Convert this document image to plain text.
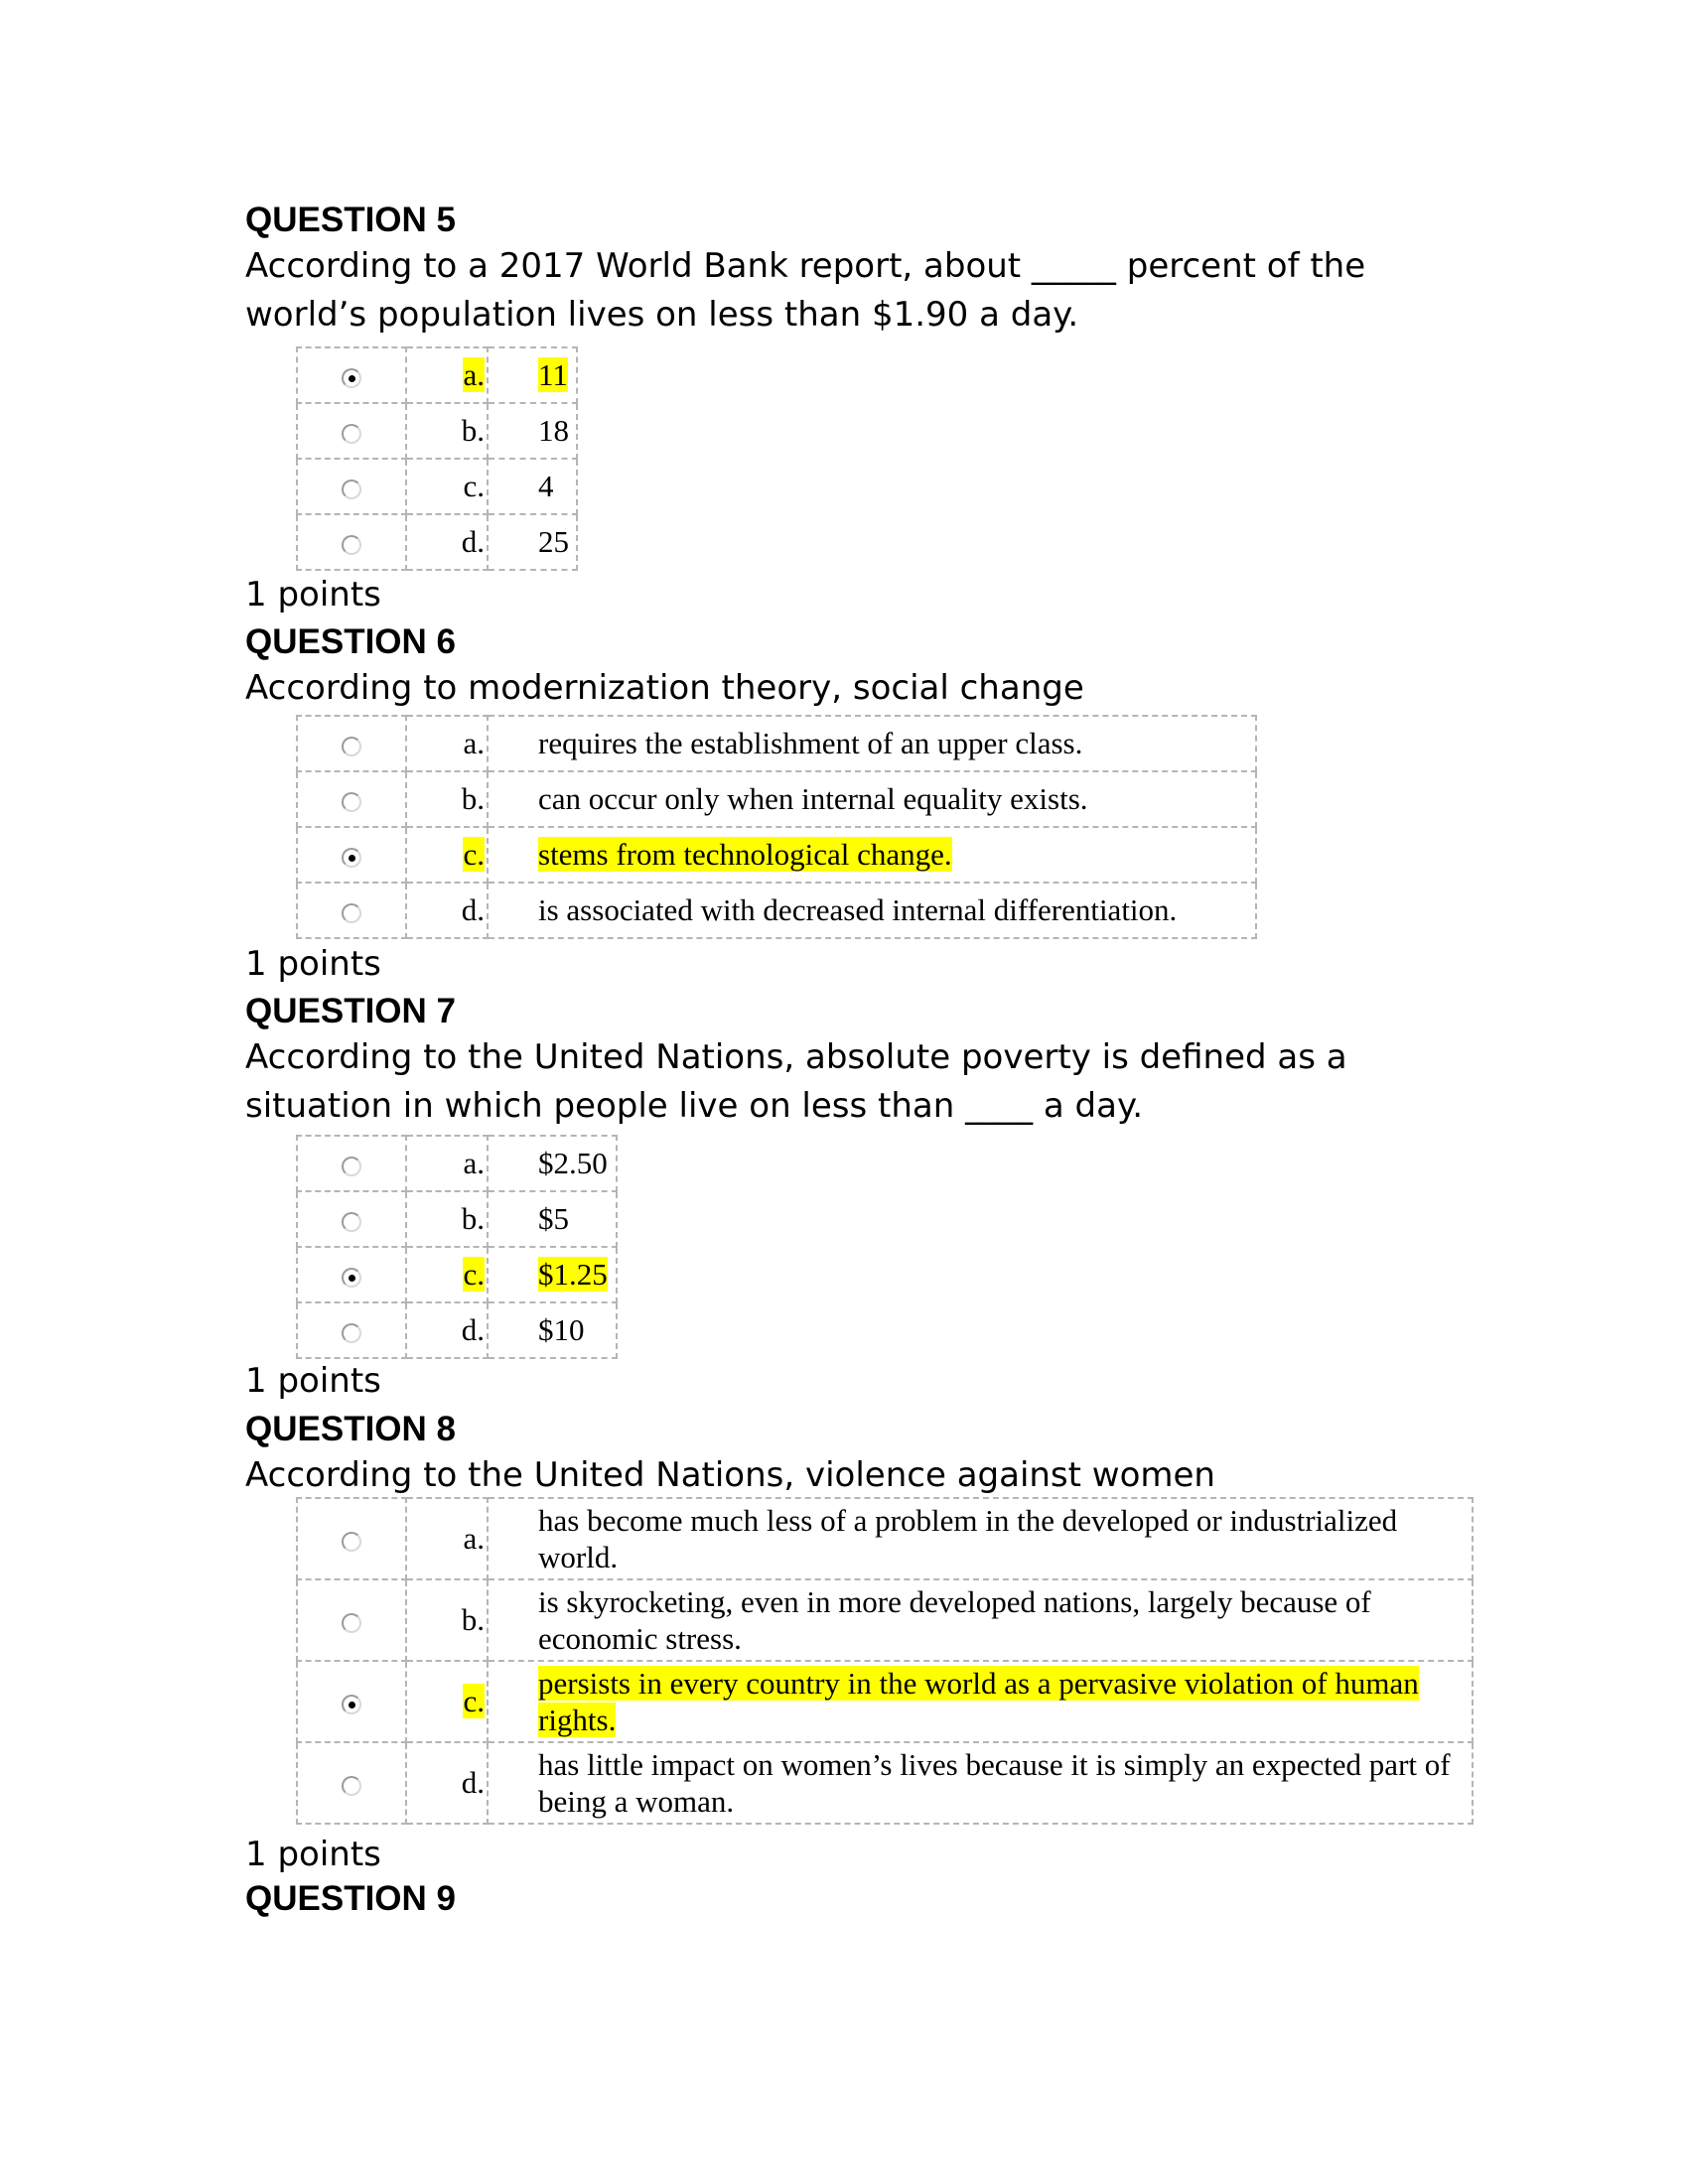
QUESTION 5

According to a 2017 World Bank report, about _____ percent of the world’s population lives on less than $1.90 a day.

	a.	11
	b.	18
	c.	4
	d.	25
1 points

QUESTION 6

According to modernization theory, social change

	a.	requires the establishment of an upper class.
	b.	can occur only when internal equality exists.
	c.	stems from technological change.
	d.	is associated with decreased internal differentiation.
1 points

QUESTION 7

According to the United Nations, absolute poverty is defined as a situation in which people live on less than ____ a day.

	a.	$2.50
	b.	$5
	c.	$1.25
	d.	$10
1 points

QUESTION 8

According to the United Nations, violence against women

	a.	has become much less of a problem in the developed or industrialized world.
	b.	is skyrocketing, even in more developed nations, largely because of economic stress.
	c.	persists in every country in the world as a pervasive violation of human rights.
	d.	has little impact on women’s lives because it is simply an expected part of being a woman.
1 points

QUESTION 9
